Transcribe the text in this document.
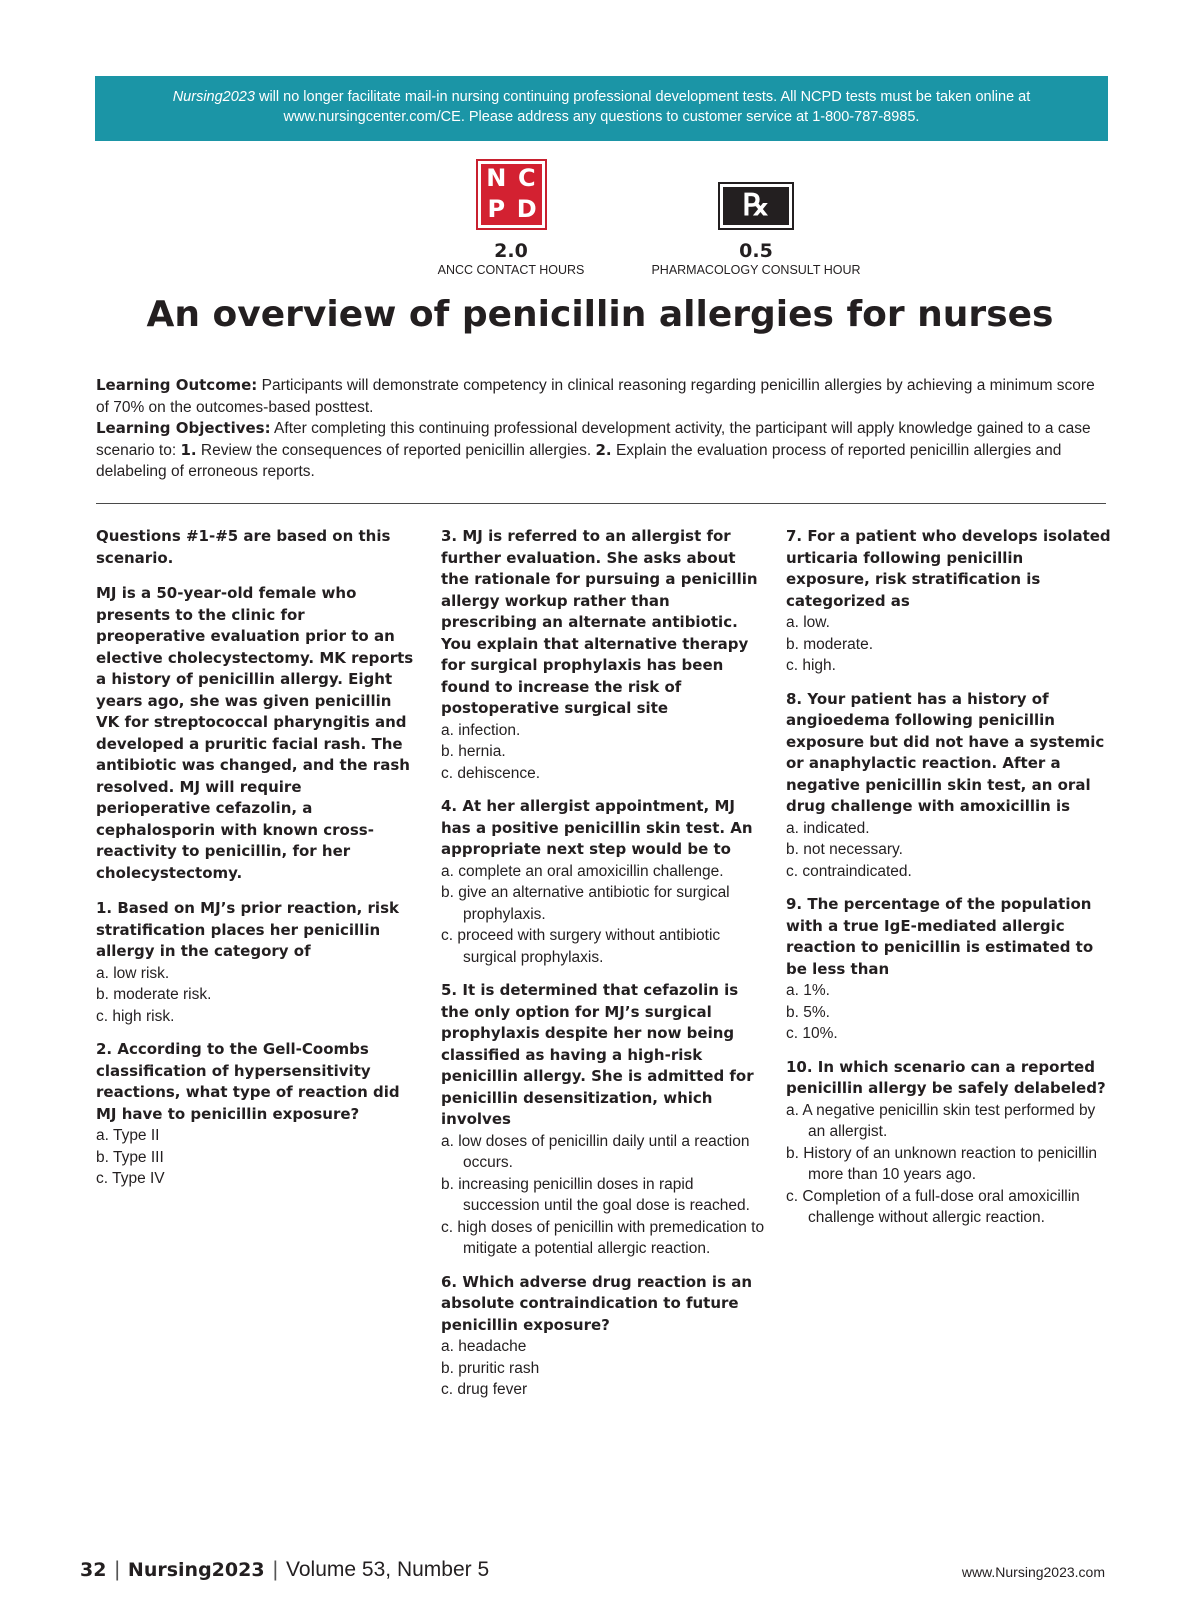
Nursing2023 will no longer facilitate mail-in nursing continuing professional development tests. All NCPD tests must be taken online at
www.nursingcenter.com/CE. Please address any questions to customer service at 1-800-787-8985.
N C
P D
2.0
ANCC CONTACT HOURS
℞
0.5
PHARMACOLOGY CONSULT HOUR
An overview of penicillin allergies for nurses
Learning Outcome: Participants will demonstrate competency in clinical reasoning regarding penicillin allergies by achieving a minimum score of 70% on the outcomes-based posttest.
Learning Objectives: After completing this continuing professional development activity, the participant will apply knowledge gained to a case scenario to: 1. Review the consequences of reported penicillin allergies. 2. Explain the evaluation process of reported penicillin allergies and delabeling of erroneous reports.
Questions #1-#5 are based on this scenario.
MJ is a 50-year-old female who presents to the clinic for preoperative evaluation prior to an elective cholecystectomy. MK reports a history of penicillin allergy. Eight years ago, she was given penicillin VK for streptococcal pharyngitis and developed a pruritic facial rash. The antibiotic was changed, and the rash resolved. MJ will require perioperative cefazolin, a cephalosporin with known cross-reactivity to penicillin, for her cholecystectomy.
1. Based on MJ’s prior reaction, risk stratification places her penicillin allergy in the category of
a. low risk.
b. moderate risk.
c. high risk.
2. According to the Gell-Coombs classification of hypersensitivity reactions, what type of reaction did MJ have to penicillin exposure?
a. Type II
b. Type III
c. Type IV
3. MJ is referred to an allergist for further evaluation. She asks about the rationale for pursuing a penicillin allergy workup rather than prescribing an alternate antibiotic. You explain that alternative therapy for surgical prophylaxis has been found to increase the risk of postoperative surgical site
a. infection.
b. hernia.
c. dehiscence.
4. At her allergist appointment, MJ has a positive penicillin skin test. An appropriate next step would be to
a. complete an oral amoxicillin challenge.
b. give an alternative antibiotic for surgical prophylaxis.
c. proceed with surgery without antibiotic surgical prophylaxis.
5. It is determined that cefazolin is the only option for MJ’s surgical prophylaxis despite her now being classified as having a high-risk penicillin allergy. She is admitted for penicillin desensitization, which involves
a. low doses of penicillin daily until a reaction occurs.
b. increasing penicillin doses in rapid succession until the goal dose is reached.
c. high doses of penicillin with premedication to mitigate a potential allergic reaction.
6. Which adverse drug reaction is an absolute contraindication to future penicillin exposure?
a. headache
b. pruritic rash
c. drug fever
7. For a patient who develops isolated urticaria following penicillin exposure, risk stratification is categorized as
a. low.
b. moderate.
c. high.
8. Your patient has a history of angioedema following penicillin exposure but did not have a systemic or anaphylactic reaction. After a negative penicillin skin test, an oral drug challenge with amoxicillin is
a. indicated.
b. not necessary.
c. contraindicated.
9. The percentage of the population with a true IgE-mediated allergic reaction to penicillin is estimated to be less than
a. 1%.
b. 5%.
c. 10%.
10. In which scenario can a reported penicillin allergy be safely delabeled?
a. A negative penicillin skin test performed by an allergist.
b. History of an unknown reaction to penicillin more than 10 years ago.
c. Completion of a full-dose oral amoxicillin challenge without allergic reaction.
32 | Nursing2023 | Volume 53, Number 5	www.Nursing2023.com
